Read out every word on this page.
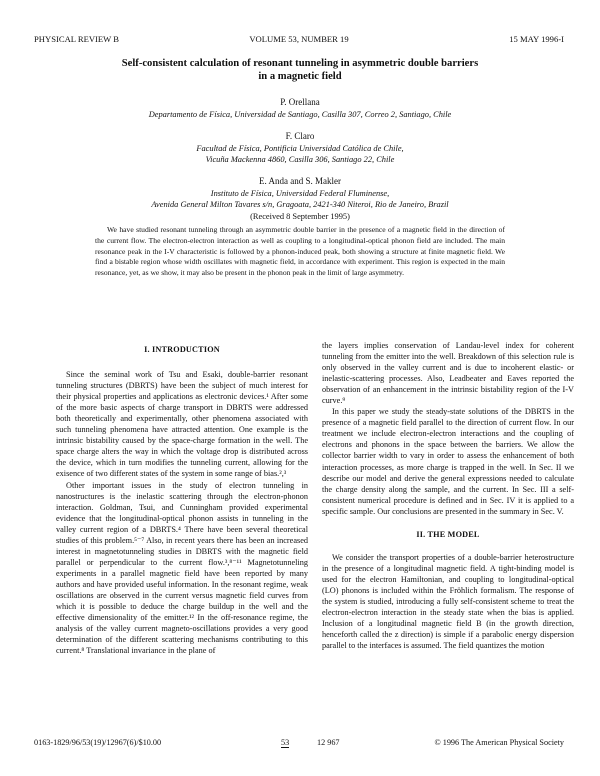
PHYSICAL REVIEW B	VOLUME 53, NUMBER 19	15 MAY 1996-I
Self-consistent calculation of resonant tunneling in asymmetric double barriers
in a magnetic field
P. Orellana
Departamento de Física, Universidad de Santiago, Casilla 307, Correo 2, Santiago, Chile
F. Claro
Facultad de Física, Pontificia Universidad Católica de Chile,
Vicuña Mackenna 4860, Casilla 306, Santiago 22, Chile
E. Anda and S. Makler
Instituto de Física, Universidad Federal Fluminense,
Avenida General Milton Tavares s/n, Gragoata, 2421-340 Niteroi, Rio de Janeiro, Brazil
(Received 8 September 1995)
We have studied resonant tunneling through an asymmetric double barrier in the presence of a magnetic field in the direction of the current flow. The electron-electron interaction as well as coupling to a longitudinal-optical phonon field are included. The main resonance peak in the I-V characteristic is followed by a phonon-induced peak, both showing a structure at finite magnetic field. We find a bistable region whose width oscillates with magnetic field, in accordance with experiment. This region is expected in the main resonance, yet, as we show, it may also be present in the phonon peak in the limit of large asymmetry.
I. INTRODUCTION

Since the seminal work of Tsu and Esaki, double-barrier resonant tunneling structures (DBRTS) have been the subject of much interest for their physical properties and applications as electronic devices.¹ After some of the more basic aspects of charge transport in DBRTS were addressed both theoretically and experimentally, other phenomena associated with such tunneling phenomena have attracted attention. One example is the intrinsic bistability caused by the space-charge formation in the well. The space charge alters the way in which the voltage drop is distributed across the device, which in turn modifies the tunneling current, allowing for the exisence of two different states of the system in some range of bias.²,³

Other important issues in the study of electron tunneling in nanostructures is the inelastic scattering through the electron-phonon interaction. Goldman, Tsui, and Cunningham provided experimental evidence that the longitudinal-optical phonon assists in tunneling in the valley current region of a DBRTS.⁴ There have been several theoretical studies of this problem.⁵⁻⁷ Also, in recent years there has been an increased interest in magnetotunneling studies in DBRTS with the magnetic field parallel or perpendicular to the current flow.³,⁸⁻¹¹ Magnetotunneling experiments in a parallel magnetic field have been reported by many authors and have provided useful information. In the resonant regime, weak oscillations are observed in the current versus magnetic field curves from which it is possible to deduce the charge buildup in the well and the effective dimensionality of the emitter.¹² In the off-resonance regime, the analysis of the valley current magneto-oscillations provides a very good determination of the different scattering mechanisms contributing to this current.⁸ Translational invariance in the plane of

the layers implies conservation of Landau-level index for coherent tunneling from the emitter into the well. Breakdown of this selection rule is only observed in the valley current and is due to incoherent elastic- or inelastic-scattering processes. Also, Leadbeater and Eaves reported the observation of an enhancement in the intrinsic bistability region of the I-V curve.⁹

In this paper we study the steady-state solutions of the DBRTS in the presence of a magnetic field parallel to the direction of current flow. In our treatment we include electron-electron interactions and the coupling of electrons and phonons in the space between the barriers. We allow the collector barrier width to vary in order to assess the enhancement of both interaction processes, as more charge is trapped in the well. In Sec. II we describe our model and derive the general expressions needed to calculate the charge density along the sample, and the current. In Sec. III a self-consistent numerical procedure is defined and in Sec. IV it is applied to a specific sample. Our conclusions are presented in the summary in Sec. V.

II. THE MODEL

We consider the transport properties of a double-barrier heterostructure in the presence of a longitudinal magnetic field. A tight-binding model is used for the electron Hamiltonian, and coupling to longitudinal-optical (LO) phonons is included within the Fröhlich formalism. The response of the system is studied, introducing a fully self-consistent scheme to treat the electron-electron interaction in the steady state when the bias is applied. Inclusion of a longitudinal magnetic field B (in the growth direction, henceforth called the z direction) is simple if a parabolic energy dispersion parallel to the interfaces is assumed. The field quantizes the motion

0163-1829/96/53(19)/12967(6)/$10.00	53	12 967	© 1996 The American Physical Society
